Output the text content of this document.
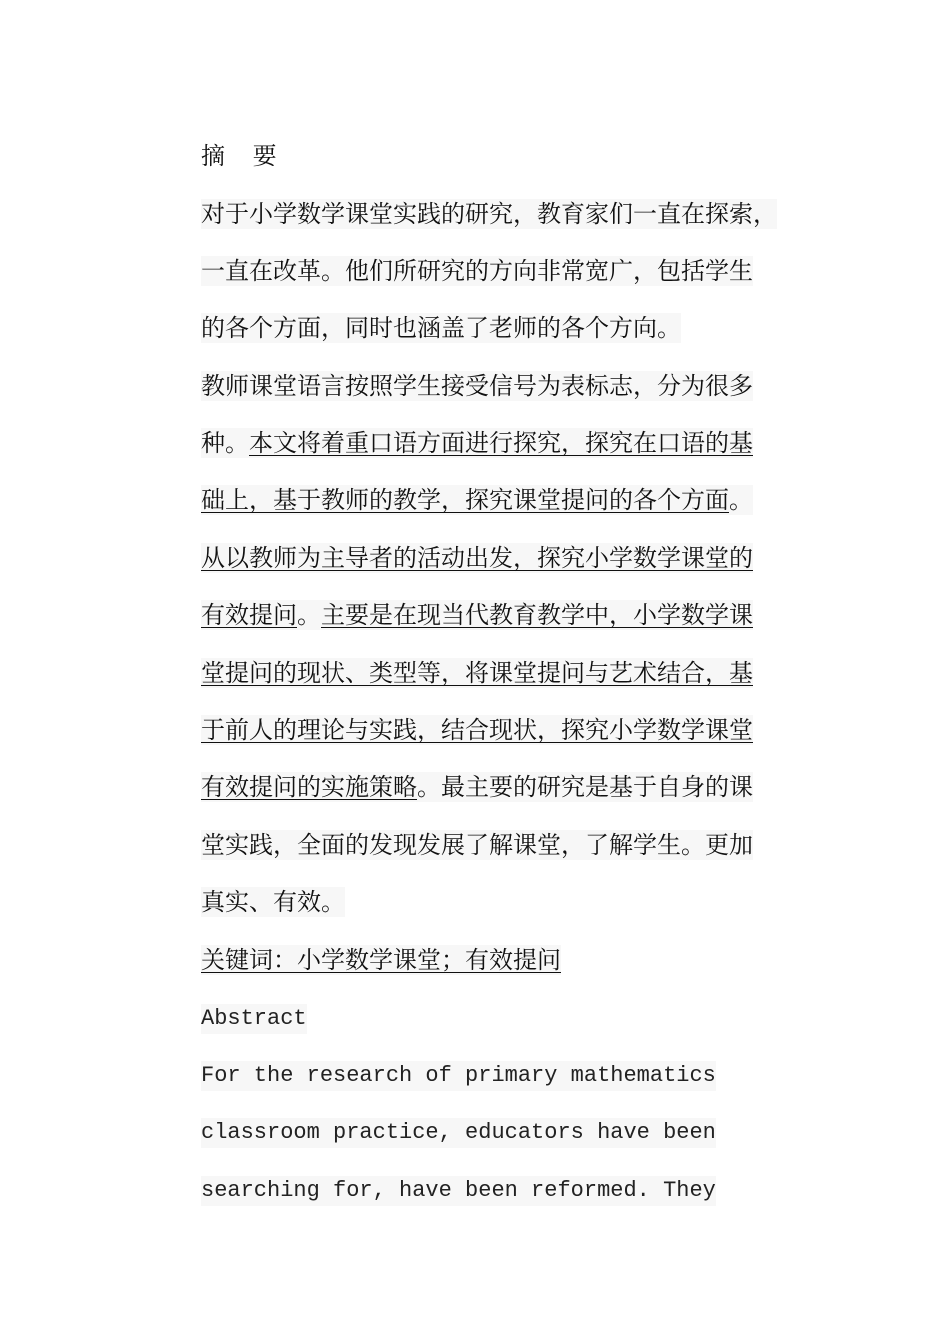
摘 要
对于小学数学课堂实践的研究，教育家们一直在探索，
一直在改革。他们所研究的方向非常宽广，包括学生
的各个方面，同时也涵盖了老师的各个方向。
教师课堂语言按照学生接受信号为表标志，分为很多
种。本文将着重口语方面进行探究，探究在口语的基
础上，基于教师的教学，探究课堂提问的各个方面。
从以教师为主导者的活动出发，探究小学数学课堂的
有效提问。主要是在现当代教育教学中，小学数学课
堂提问的现状、类型等，将课堂提问与艺术结合，基
于前人的理论与实践，结合现状，探究小学数学课堂
有效提问的实施策略。最主要的研究是基于自身的课
堂实践，全面的发现发展了解课堂，了解学生。更加
真实、有效。
关键词：小学数学课堂；有效提问
Abstract
For the research of primary mathematics
classroom practice, educators have been
searching for, have been reformed. They
